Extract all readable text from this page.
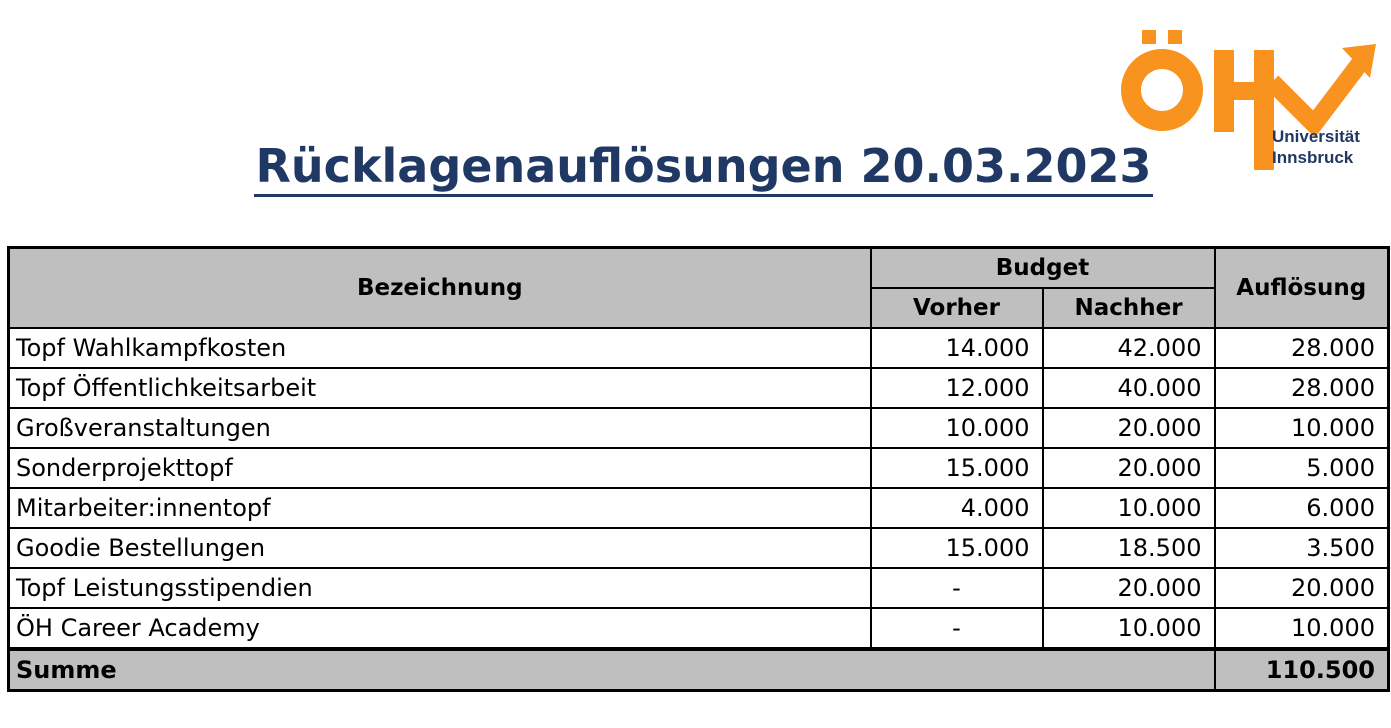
Universität
Innsbruck
Rücklagenauflösungen 20.03.2023
Bezeichnung	Budget		Auflösung
	Vorher	Nachher	
Topf Wahlkampfkosten	14.000	42.000	28.000
Topf Öffentlichkeitsarbeit	12.000	40.000	28.000
Großveranstaltungen	10.000	20.000	10.000
Sonderprojekttopf	15.000	20.000	5.000
Mitarbeiter:innentopf	4.000	10.000	6.000
Goodie Bestellungen	15.000	18.500	3.500
Topf Leistungsstipendien	-	20.000	20.000
ÖH Career Academy	-	10.000	10.000
Summe			110.500
